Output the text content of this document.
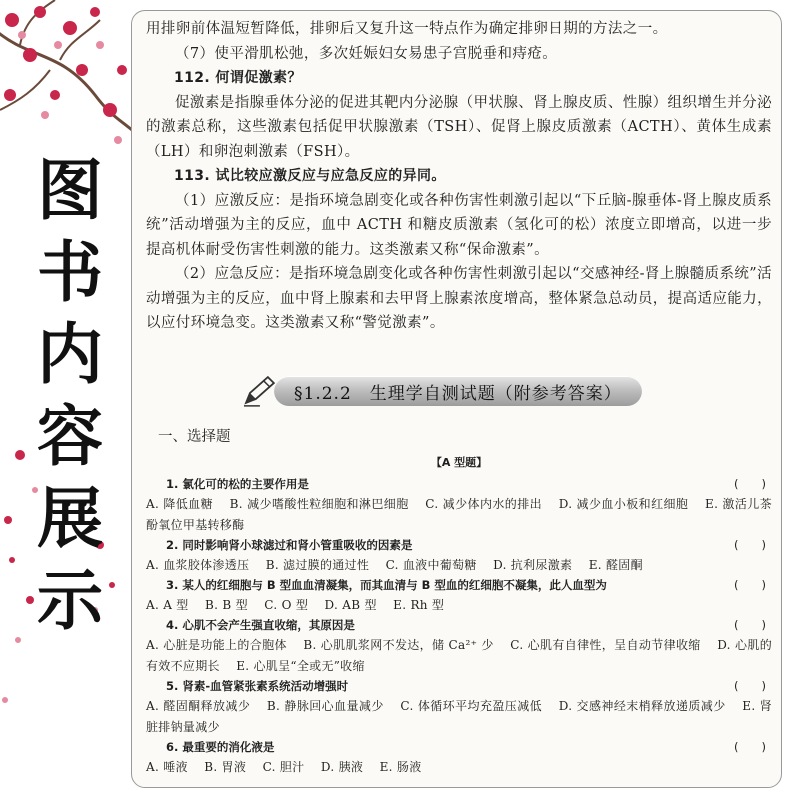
图书内容展示

用排卵前体温短暂降低，排卵后又复升这一特点作为确定排卵日期的方法之一。

（7）使平滑肌松弛，多次妊娠妇女易患子宫脱垂和痔疮。

112. 何谓促激素？

促激素是指腺垂体分泌的促进其靶内分泌腺（甲状腺、肾上腺皮质、性腺）组织增生并分泌的激素总称，这些激素包括促甲状腺激素（TSH）、促肾上腺皮质激素（ACTH）、黄体生成素（LH）和卵泡刺激素（FSH）。

113. 试比较应激反应与应急反应的异同。

（1）应激反应：是指环境急剧变化或各种伤害性刺激引起以“下丘脑-腺垂体-肾上腺皮质系统”活动增强为主的反应，血中 ACTH 和糖皮质激素（氢化可的松）浓度立即增高，以进一步提高机体耐受伤害性刺激的能力。这类激素又称“保命激素”。

（2）应急反应：是指环境急剧变化或各种伤害性刺激引起以“交感神经-肾上腺髓质系统”活动增强为主的反应，血中肾上腺素和去甲肾上腺素浓度增高，整体紧急总动员，提高适应能力，以应付环境急变。这类激素又称“警觉激素”。

§1.2.2　生理学自测试题（附参考答案）

一、选择题

【A 型题】

1. 氯化可的松的主要作用是	(　　)

A. 降低血糖　 B. 减少嗜酸性粒细胞和淋巴细胞　 C. 减少体内水的排出　 D. 减少血小板和红细胞　 E. 激活儿茶酚氧位甲基转移酶

2. 同时影响肾小球滤过和肾小管重吸收的因素是	(　　)

A. 血浆胶体渗透压　 B. 滤过膜的通过性　 C. 血液中葡萄糖　 D. 抗利尿激素　 E. 醛固酮

3. 某人的红细胞与 B 型血血清凝集，而其血清与 B 型血的红细胞不凝集，此人血型为	(　　)

A. A 型　 B. B 型　 C. O 型　 D. AB 型　 E. Rh 型

4. 心肌不会产生强直收缩，其原因是	(　　)

A. 心脏是功能上的合胞体　 B. 心肌肌浆网不发达，储 Ca²⁺ 少　 C. 心肌有自律性，呈自动节律收缩　 D. 心肌的有效不应期长　 E. 心肌呈“全或无”收缩

5. 肾素-血管紧张素系统活动增强时	(　　)

A. 醛固酮释放减少　 B. 静脉回心血量减少　 C. 体循环平均充盈压减低　 D. 交感神经末梢释放递质减少　 E. 肾脏排钠量减少

6. 最重要的消化液是	(　　)

A. 唾液　 B. 胃液　 C. 胆汁　 D. 胰液　 E. 肠液
